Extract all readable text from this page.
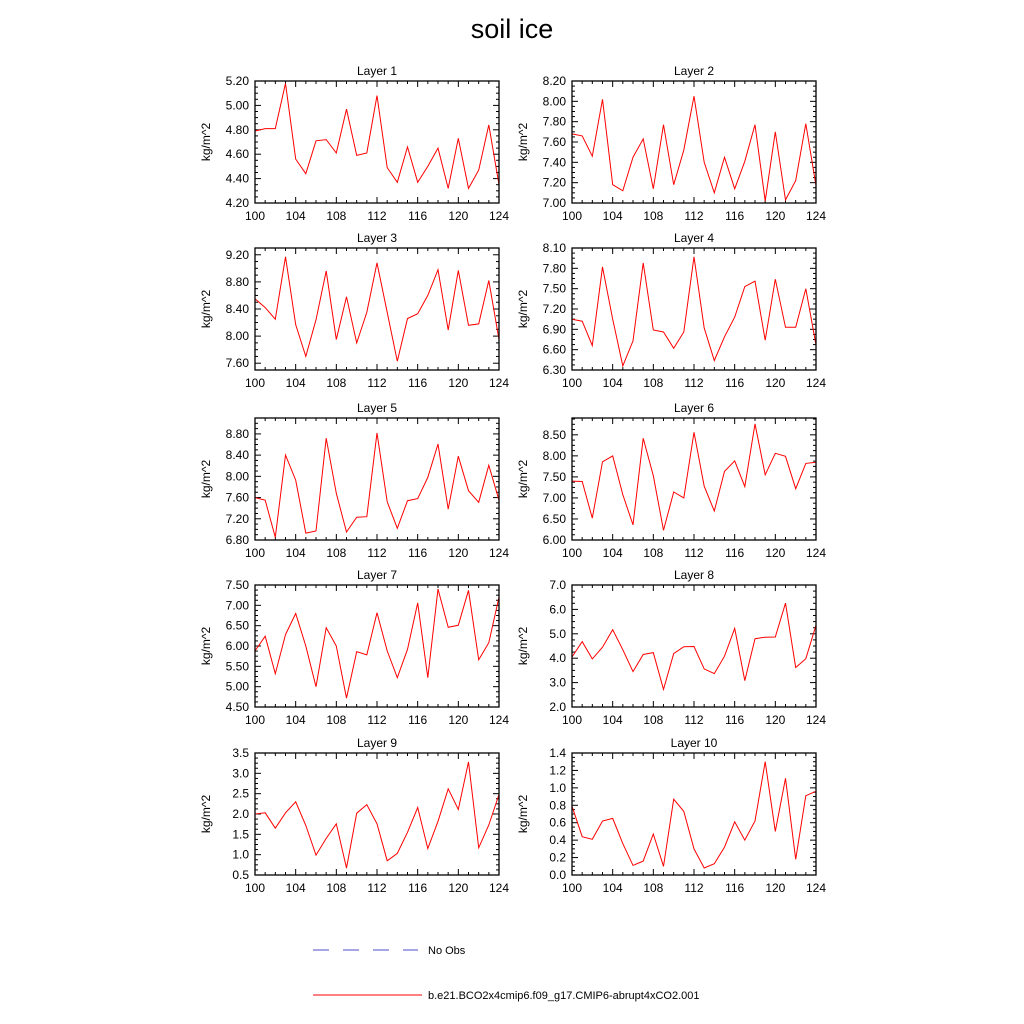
soil ice
Layer 1
kg/m^2
100 104 108 112 116 120 124
4.20
4.40
4.60
4.80
5.00
5.20
Layer 2
kg/m^2
100 104 108 112 116 120 124
7.00
7.20
7.40
7.60
7.80
8.00
8.20
Layer 3
kg/m^2
100 104 108 112 116 120 124
7.60
8.00
8.40
8.80
9.20
Layer 4
kg/m^2
100 104 108 112 116 120 124
6.30
6.60
6.90
7.20
7.50
7.80
8.10
Layer 5
kg/m^2
100 104 108 112 116 120 124
6.80
7.20
7.60
8.00
8.40
8.80
Layer 6
kg/m^2
100 104 108 112 116 120 124
6.00
6.50
7.00
7.50
8.00
8.50
Layer 7
kg/m^2
100 104 108 112 116 120 124
4.50
5.00
5.50
6.00
6.50
7.00
7.50
Layer 8
kg/m^2
100 104 108 112 116 120 124
2.0
3.0
4.0
5.0
6.0
7.0
Layer 9
kg/m^2
100 104 108 112 116 120 124
0.5
1.0
1.5
2.0
2.5
3.0
3.5
Layer 10
kg/m^2
100 104 108 112 116 120 124
0.0
0.2
0.4
0.6
0.8
1.0
1.2
1.4
No Obs
b.e21.BCO2x4cmip6.f09_g17.CMIP6-abrupt4xCO2.001
